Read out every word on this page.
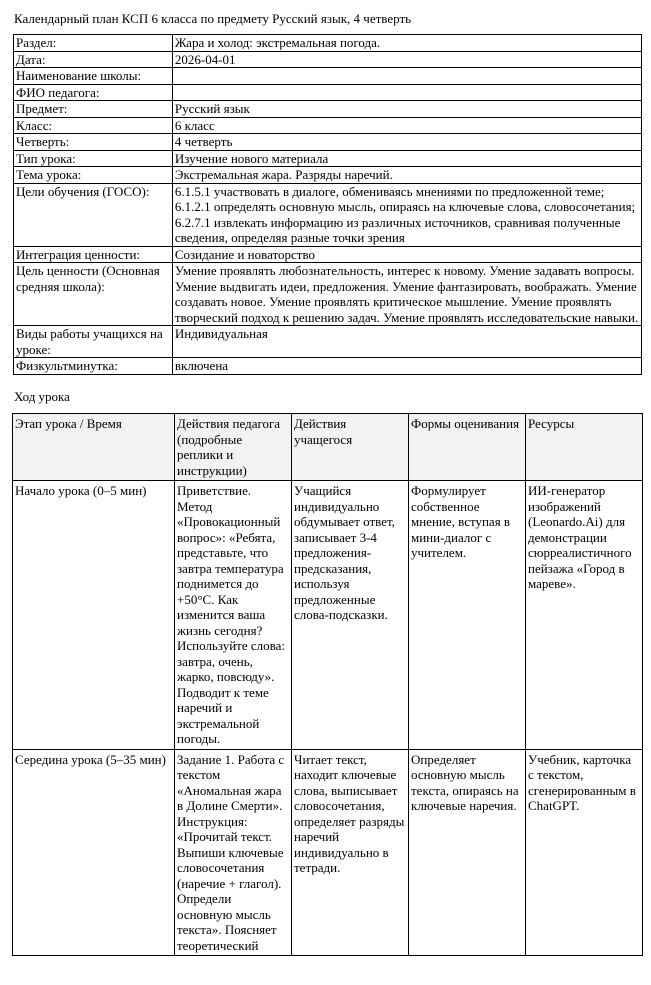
Календарный план КСП 6 класса по предмету Русский язык, 4 четверть
Раздел:	Жара и холод: экстремальная погода.
Дата:	2026-04-01
Наименование школы:	
ФИО педагога:	
Предмет:	Русский язык
Класс:	6 класс
Четверть:	4 четверть
Тип урока:	Изучение нового материала
Тема урока:	Экстремальная жара. Разряды наречий.
Цели обучения (ГОСО):	6.1.5.1 участвовать в диалоге, обмениваясь мнениями по предложенной теме; 6.1.2.1 определять основную мысль, опираясь на ключевые слова, словосочетания; 6.2.7.1 извлекать информацию из различных источников, сравнивая полученные сведения, определяя разные точки зрения
Интеграция ценности:	Созидание и новаторство
Цель ценности (Основная средняя школа):	Умение проявлять любознательность, интерес к новому. Умение задавать вопросы. Умение выдвигать идеи, предложения. Умение фантазировать, воображать. Умение создавать новое. Умение проявлять критическое мышление. Умение проявлять творческий подход к решению задач. Умение проявлять исследовательские навыки.
Виды работы учащихся на уроке:	Индивидуальная
Физкультминутка:	включена
Ход урока
Этап урока / Время	Действия педагога (подробные реплики и инструкции)	Действия учащегося	Формы оценивания	Ресурсы
Начало урока (0–5 мин)	Приветствие. Метод «Провокационный вопрос»: «Ребята, представьте, что завтра температура поднимется до +50°C. Как изменится ваша жизнь сегодня? Используйте слова: завтра, очень, жарко, повсюду». Подводит к теме наречий и экстремальной погоды.	Учащийся индивидуально обдумывает ответ, записывает 3-4 предложения-предсказания, используя предложенные слова-подсказки.	Формулирует собственное мнение, вступая в мини-диалог с учителем.	ИИ-генератор изображений (Leonardo.Ai) для демонстрации сюрреалистичного пейзажа «Город в мареве».
Середина урока (5–35 мин)	Задание 1. Работа с текстом «Аномальная жара в Долине Смерти». Инструкция: «Прочитай текст. Выпиши ключевые словосочетания (наречие + глагол). Определи основную мысль текста». Поясняет теоретический	Читает текст, находит ключевые слова, выписывает словосочетания, определяет разряды наречий индивидуально в тетради.	Определяет основную мысль текста, опираясь на ключевые наречия.	Учебник, карточка с текстом, сгенерированным в ChatGPT.
